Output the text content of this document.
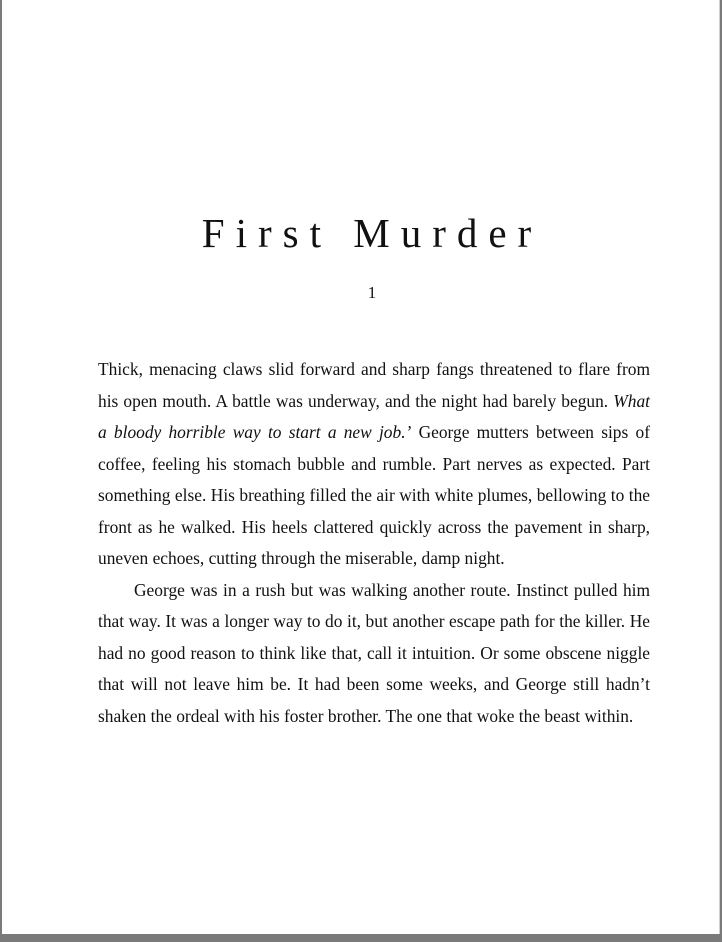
First Murder
1

Thick, menacing claws slid forward and sharp fangs threatened to flare from his open mouth. A battle was underway, and the night had barely begun. What a bloody horrible way to start a new job.’ George mutters between sips of coffee, feeling his stomach bubble and rumble. Part nerves as expected. Part something else. His breathing filled the air with white plumes, bellowing to the front as he walked. His heels clattered quickly across the pavement in sharp, uneven echoes, cutting through the miserable, damp night.

George was in a rush but was walking another route. Instinct pulled him that way. It was a longer way to do it, but another escape path for the killer. He had no good reason to think like that, call it intuition. Or some obscene niggle that will not leave him be. It had been some weeks, and George still hadn’t shaken the ordeal with his foster brother. The one that woke the beast within.
